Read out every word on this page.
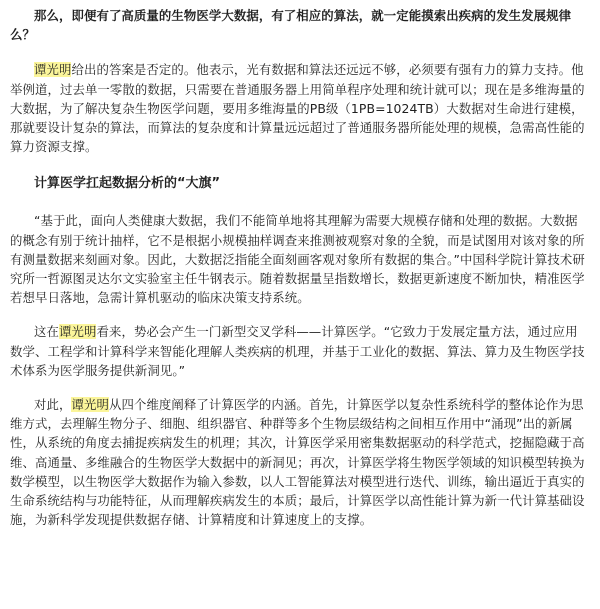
那么，即便有了高质量的生物医学大数据，有了相应的算法，就一定能摸索出疾病的发生发展规律么？

谭光明给出的答案是否定的。他表示，光有数据和算法还远远不够，必须要有强有力的算力支持。他举例道，过去单一零散的数据，只需要在普通服务器上用简单程序处理和统计就可以；现在是多维海量的大数据，为了解决复杂生物医学问题，要用多维海量的PB级（1PB=1024TB）大数据对生命进行建模，那就要设计复杂的算法，而算法的复杂度和计算量远远超过了普通服务器所能处理的规模，急需高性能的算力资源支撑。

计算医学扛起数据分析的“大旗”

“基于此，面向人类健康大数据，我们不能简单地将其理解为需要大规模存储和处理的数据。大数据的概念有别于统计抽样，它不是根据小规模抽样调查来推测被观察对象的全貌，而是试图用对该对象的所有测量数据来刻画对象。因此，大数据泛指能全面刻画客观对象所有数据的集合。”中国科学院计算技术研究所一哲源图灵达尔文实验室主任牛钢表示。随着数据量呈指数增长，数据更新速度不断加快，精准医学若想早日落地，急需计算机驱动的临床决策支持系统。

这在谭光明看来，势必会产生一门新型交叉学科——计算医学。“它致力于发展定量方法，通过应用数学、工程学和计算科学来智能化理解人类疾病的机理，并基于工业化的数据、算法、算力及生物医学技术体系为医学服务提供新洞见。”

对此，谭光明从四个维度阐释了计算医学的内涵。首先，计算医学以复杂性系统科学的整体论作为思维方式，去理解生物分子、细胞、组织器官、种群等多个生物层级结构之间相互作用中“涌现”出的新属性，从系统的角度去捕捉疾病发生的机理；其次，计算医学采用密集数据驱动的科学范式，挖掘隐藏于高维、高通量、多维融合的生物医学大数据中的新洞见；再次，计算医学将生物医学领域的知识模型转换为数学模型，以生物医学大数据作为输入参数，以人工智能算法对模型进行迭代、训练，输出逼近于真实的生命系统结构与功能特征，从而理解疾病发生的本质；最后，计算医学以高性能计算为新一代计算基础设施，为新科学发现提供数据存储、计算精度和计算速度上的支撑。
